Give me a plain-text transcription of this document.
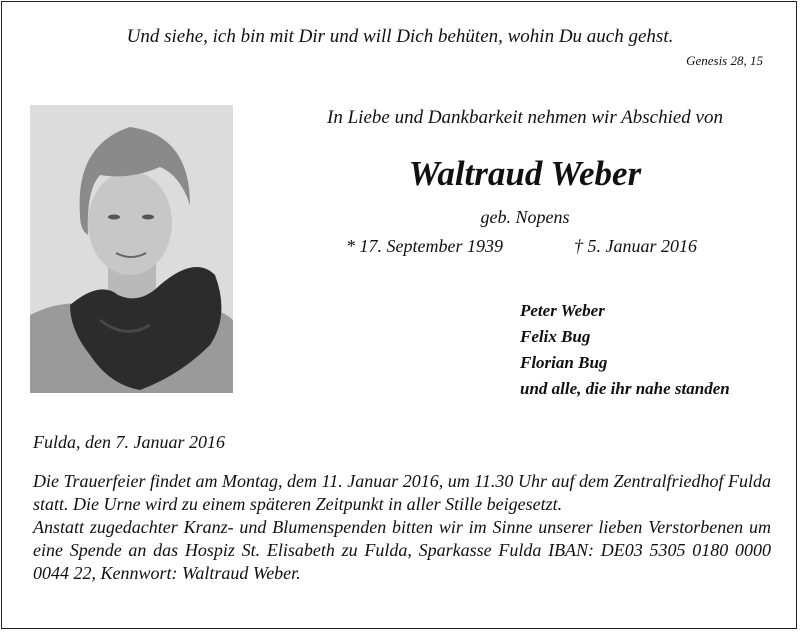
Und siehe, ich bin mit Dir und will Dich behüten, wohin Du auch gehst.
Genesis 28, 15
In Liebe und Dankbarkeit nehmen wir Abschied von
Waltraud Weber
geb. Nopens
* 17. September 1939	† 5. Januar 2016
Peter Weber
Felix Bug
Florian Bug
und alle, die ihr nahe standen
Fulda, den 7. Januar 2016

Die Trauerfeier findet am Montag, dem 11. Januar 2016, um 11.30 Uhr auf dem Zentralfriedhof Fulda statt. Die Urne wird zu einem späteren Zeitpunkt in aller Stille beigesetzt.

Anstatt zugedachter Kranz- und Blumenspenden bitten wir im Sinne unserer lieben Verstorbenen um eine Spende an das Hospiz St. Elisabeth zu Fulda, Sparkasse Fulda IBAN: DE03 5305 0180 0000 0044 22, Kennwort: Waltraud Weber.
